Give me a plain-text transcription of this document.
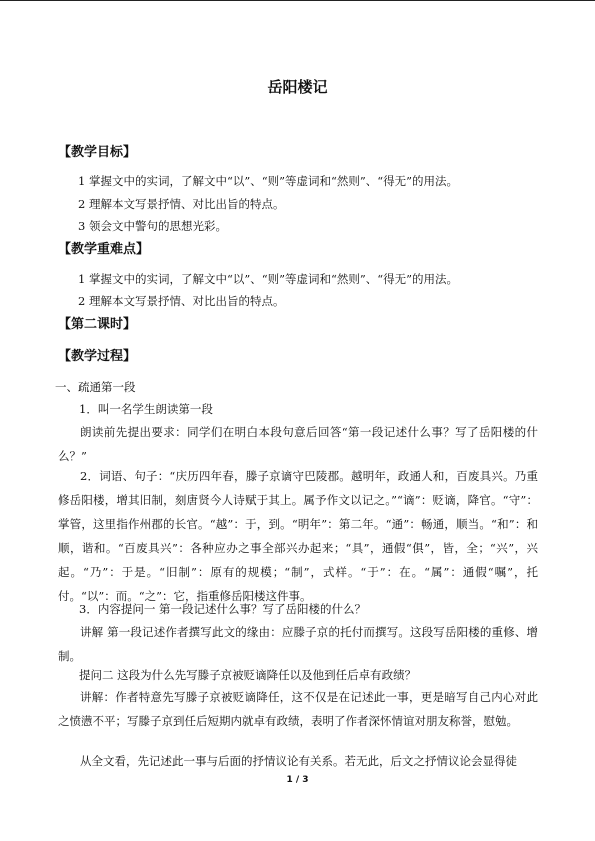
岳阳楼记
【教学目标】
1 掌握文中的实词，了解文中“以”、“则”等虚词和“然则”、“得无”的用法。
2 理解本文写景抒情、对比出旨的特点。
3 领会文中警句的思想光彩。
【教学重难点】
1 掌握文中的实词，了解文中“以”、“则”等虚词和“然则”、“得无”的用法。
2 理解本文写景抒情、对比出旨的特点。
【第二课时】
【教学过程】
一、疏通第一段
1．叫一名学生朗读第一段
朗读前先提出要求：同学们在明白本段句意后回答“第一段记述什么事？写了岳阳楼的什么？”
2．词语、句子：“庆历四年春，滕子京谪守巴陵郡。越明年，政通人和，百废具兴。乃重修岳阳楼，增其旧制，刻唐贤今人诗赋于其上。属予作文以记之。”“谪”：贬谪，降官。“守”：掌管，这里指作州郡的长官。“越”：于，到。“明年”：第二年。“通”：畅通，顺当。“和”：和顺，谐和。“百废具兴”：各种应办之事全部兴办起来；“具”，通假“俱”，皆，全；“兴”，兴起。“乃”：于是。“旧制”：原有的规模；“制”，式样。“于”：在。“属”：通假“嘱”，托付。“以”：而。“之”：它，指重修岳阳楼这件事。
3．内容提问一 第一段记述什么事？写了岳阳楼的什么？
讲解 第一段记述作者撰写此文的缘由：应滕子京的托付而撰写。这段写岳阳楼的重修、增制。
提问二 这段为什么先写滕子京被贬谪降任以及他到任后卓有政绩？
讲解：作者特意先写滕子京被贬谪降任，这不仅是在记述此一事，更是暗写自己内心对此之愤懑不平；写滕子京到任后短期内就卓有政绩，表明了作者深怀情谊对朋友称誉，慰勉。
从全文看，先记述此一事与后面的抒情议论有关系。若无此，后文之抒情议论会显得徒
1 / 3
